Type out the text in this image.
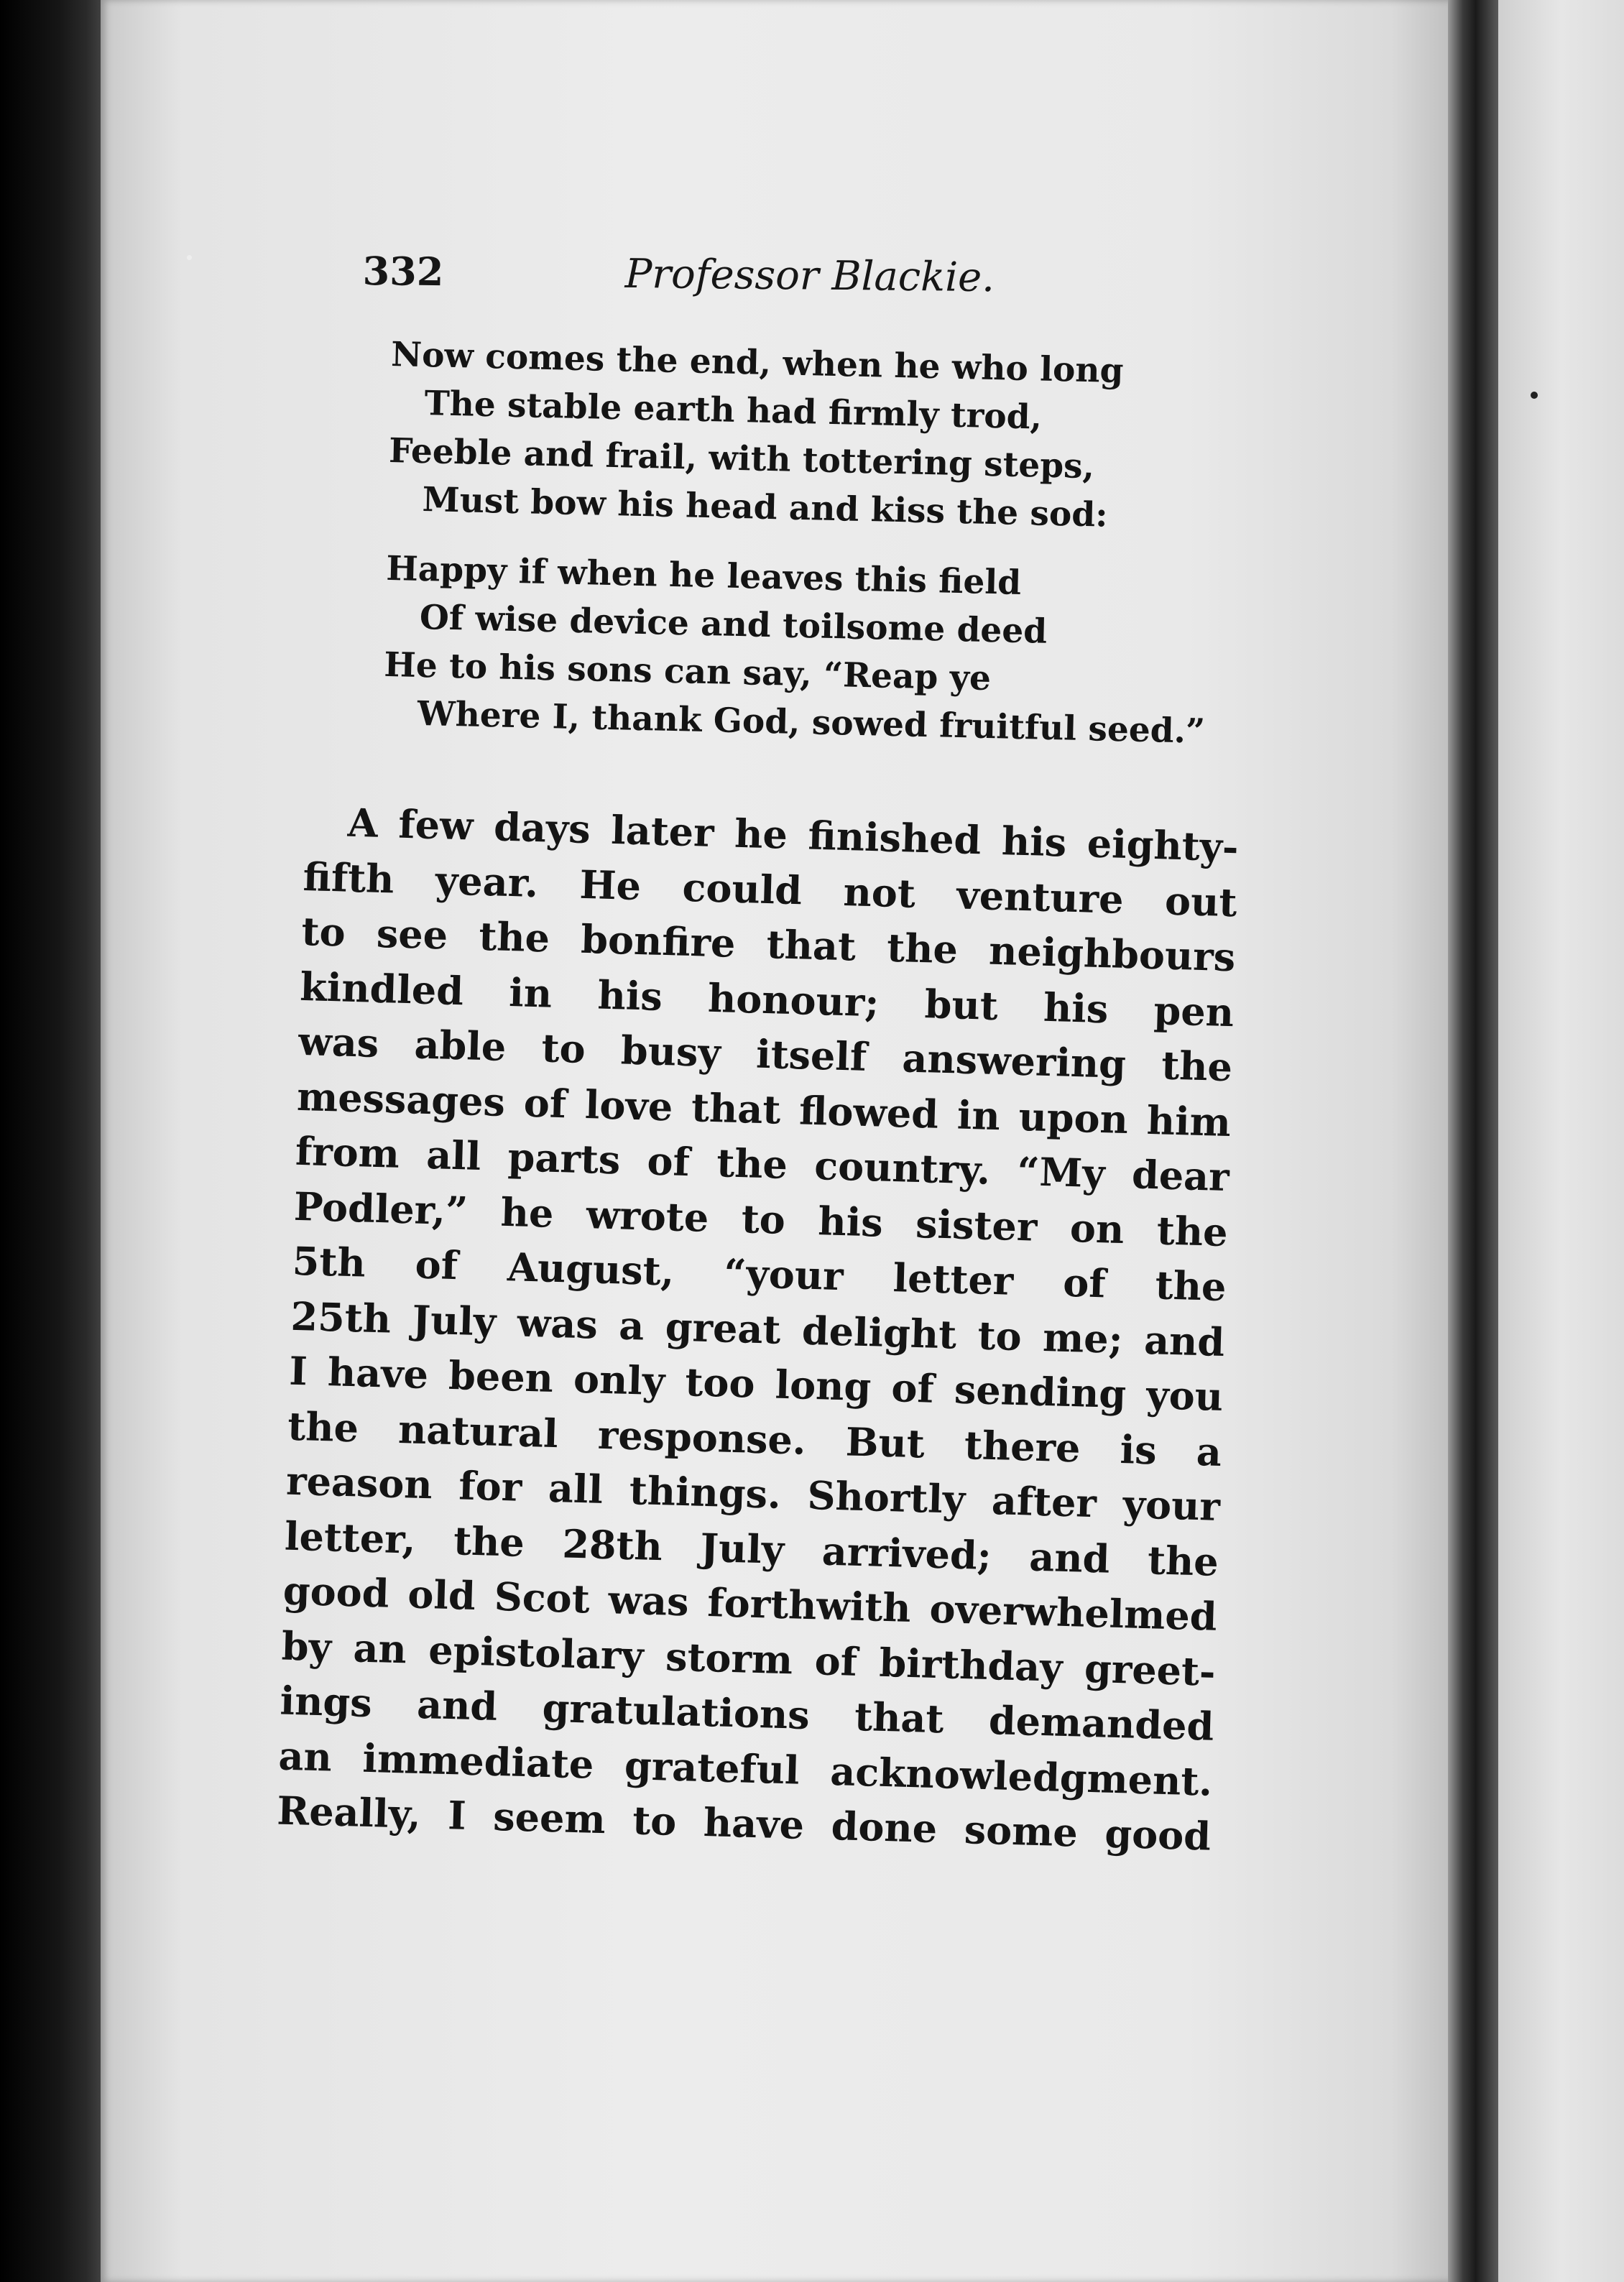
332	Professor Blackie.
Now comes the end, when he who long
The stable earth had firmly trod,
Feeble and frail, with tottering steps,
Must bow his head and kiss the sod:
Happy if when he leaves this field
Of wise device and toilsome deed
He to his sons can say, “Reap ye
Where I, thank God, sowed fruitful seed.”
A few days later he finished his eighty-
fifth year. He could not venture out
to see the bonfire that the neighbours
kindled in his honour; but his pen
was able to busy itself answering the
messages of love that flowed in upon him
from all parts of the country. “My dear
Podler,” he wrote to his sister on the
5th of August, “your letter of the
25th July was a great delight to me; and
I have been only too long of sending you
the natural response. But there is a
reason for all things. Shortly after your
letter, the 28th July arrived; and the
good old Scot was forthwith overwhelmed
by an epistolary storm of birthday greet-
ings and gratulations that demanded
an immediate grateful acknowledgment.
Really, I seem to have done some good
